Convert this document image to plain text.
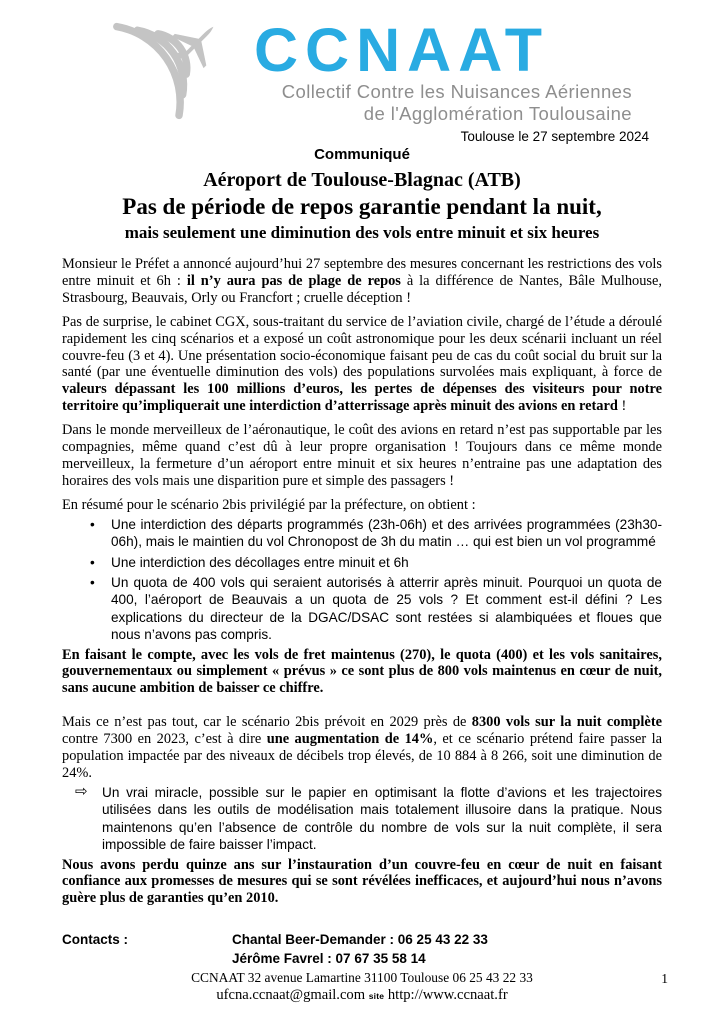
CCNAAT
Collectif Contre les Nuisances Aériennes
de l'Agglomération Toulousaine
Toulouse le 27 septembre 2024
Communiqué
Aéroport de Toulouse-Blagnac (ATB)
Pas de période de repos garantie pendant la nuit,
mais seulement une diminution des vols entre minuit et six heures

Monsieur le Préfet a annoncé aujourd’hui 27 septembre des mesures concernant les restrictions des vols entre minuit et 6h : il n’y aura pas de plage de repos à la différence de Nantes, Bâle Mulhouse, Strasbourg, Beauvais, Orly ou Francfort ; cruelle déception !

Pas de surprise, le cabinet CGX, sous-traitant du service de l’aviation civile, chargé de l’étude a déroulé rapidement les cinq scénarios et a exposé un coût astronomique pour les deux scénarii incluant un réel couvre-feu (3 et 4). Une présentation socio-économique faisant peu de cas du coût social du bruit sur la santé (par une éventuelle diminution des vols) des populations survolées mais expliquant, à force de valeurs dépassant les 100 millions d’euros, les pertes de dépenses des visiteurs pour notre territoire qu’impliquerait une interdiction d’atterrissage après minuit des avions en retard !

Dans le monde merveilleux de l’aéronautique, le coût des avions en retard n’est pas supportable par les compagnies, même quand c’est dû à leur propre organisation ! Toujours dans ce même monde merveilleux, la fermeture d’un aéroport entre minuit et six heures n’entraine pas une adaptation des horaires des vols mais une disparition pure et simple des passagers !

En résumé pour le scénario 2bis privilégié par la préfecture, on obtient :

•	Une interdiction des départs programmés (23h-06h) et des arrivées programmées (23h30-06h), mais le maintien du vol Chronopost de 3h du matin … qui est bien un vol programmé
•	Une interdiction des décollages entre minuit et 6h
•	Un quota de 400 vols qui seraient autorisés à atterrir après minuit. Pourquoi un quota de 400, l’aéroport de Beauvais a un quota de 25 vols ? Et comment est-il défini ? Les explications du directeur de la DGAC/DSAC sont restées si alambiquées et floues que nous n’avons pas compris.

En faisant le compte, avec les vols de fret maintenus (270), le quota (400) et les vols sanitaires, gouvernementaux ou simplement « prévus » ce sont plus de 800 vols maintenus en cœur de nuit, sans aucune ambition de baisser ce chiffre.

Mais ce n’est pas tout, car le scénario 2bis prévoit en 2029 près de 8300 vols sur la nuit complète contre 7300 en 2023, c’est à dire une augmentation de 14%, et ce scénario prétend faire passer la population impactée par des niveaux de décibels trop élevés, de 10 884 à 8 266, soit une diminution de 24%.

⇨	Un vrai miracle, possible sur le papier en optimisant la flotte d’avions et les trajectoires utilisées dans les outils de modélisation mais totalement illusoire dans la pratique. Nous maintenons qu’en l’absence de contrôle du nombre de vols sur la nuit complète, il sera impossible de faire baisser l’impact.

Nous avons perdu quinze ans sur l’instauration d’un couvre-feu en cœur de nuit en faisant confiance aux promesses de mesures qui se sont révélées inefficaces, et aujourd’hui nous n’avons guère plus de garanties qu’en 2010.

Contacts :	Chantal Beer-Demander : 06 25 43 22 33
Jérôme Favrel : 07 67 35 58 14
CCNAAT 32 avenue Lamartine 31100 Toulouse 06 25 43 22 33
ufcna.ccnaat@gmail.com site http://www.ccnaat.fr
1
